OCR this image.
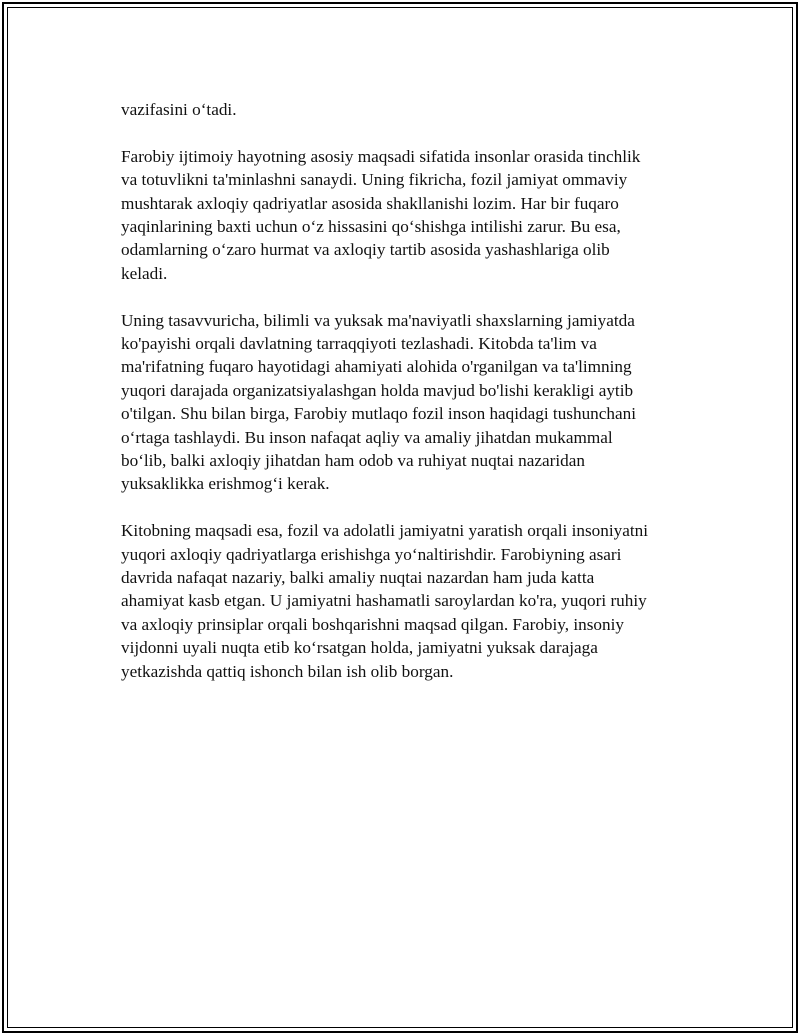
vazifasini o‘tadi.

Farobiy ijtimoiy hayotning asosiy maqsadi sifatida insonlar orasida tinchlik
va totuvlikni ta'minlashni sanaydi. Uning fikricha, fozil jamiyat ommaviy
mushtarak axloqiy qadriyatlar asosida shakllanishi lozim. Har bir fuqaro
yaqinlarining baxti uchun o‘z hissasini qo‘shishga intilishi zarur. Bu esa,
odamlarning o‘zaro hurmat va axloqiy tartib asosida yashashlariga olib
keladi.

Uning tasavvuricha, bilimli va yuksak ma'naviyatli shaxslarning jamiyatda
ko'payishi orqali davlatning tarraqqiyoti tezlashadi. Kitobda ta'lim va
ma'rifatning fuqaro hayotidagi ahamiyati alohida o'rganilgan va ta'limning
yuqori darajada organizatsiyalashgan holda mavjud bo'lishi kerakligi aytib
o'tilgan. Shu bilan birga, Farobiy mutlaqo fozil inson haqidagi tushunchani
o‘rtaga tashlaydi. Bu inson nafaqat aqliy va amaliy jihatdan mukammal
bo‘lib, balki axloqiy jihatdan ham odob va ruhiyat nuqtai nazaridan
yuksaklikka erishmog‘i kerak.

Kitobning maqsadi esa, fozil va adolatli jamiyatni yaratish orqali insoniyatni
yuqori axloqiy qadriyatlarga erishishga yo‘naltirishdir. Farobiyning asari
davrida nafaqat nazariy, balki amaliy nuqtai nazardan ham juda katta
ahamiyat kasb etgan. U jamiyatni hashamatli saroylardan ko'ra, yuqori ruhiy
va axloqiy prinsiplar orqali boshqarishni maqsad qilgan. Farobiy, insoniy
vijdonni uyali nuqta etib ko‘rsatgan holda, jamiyatni yuksak darajaga
yetkazishda qattiq ishonch bilan ish olib borgan.
